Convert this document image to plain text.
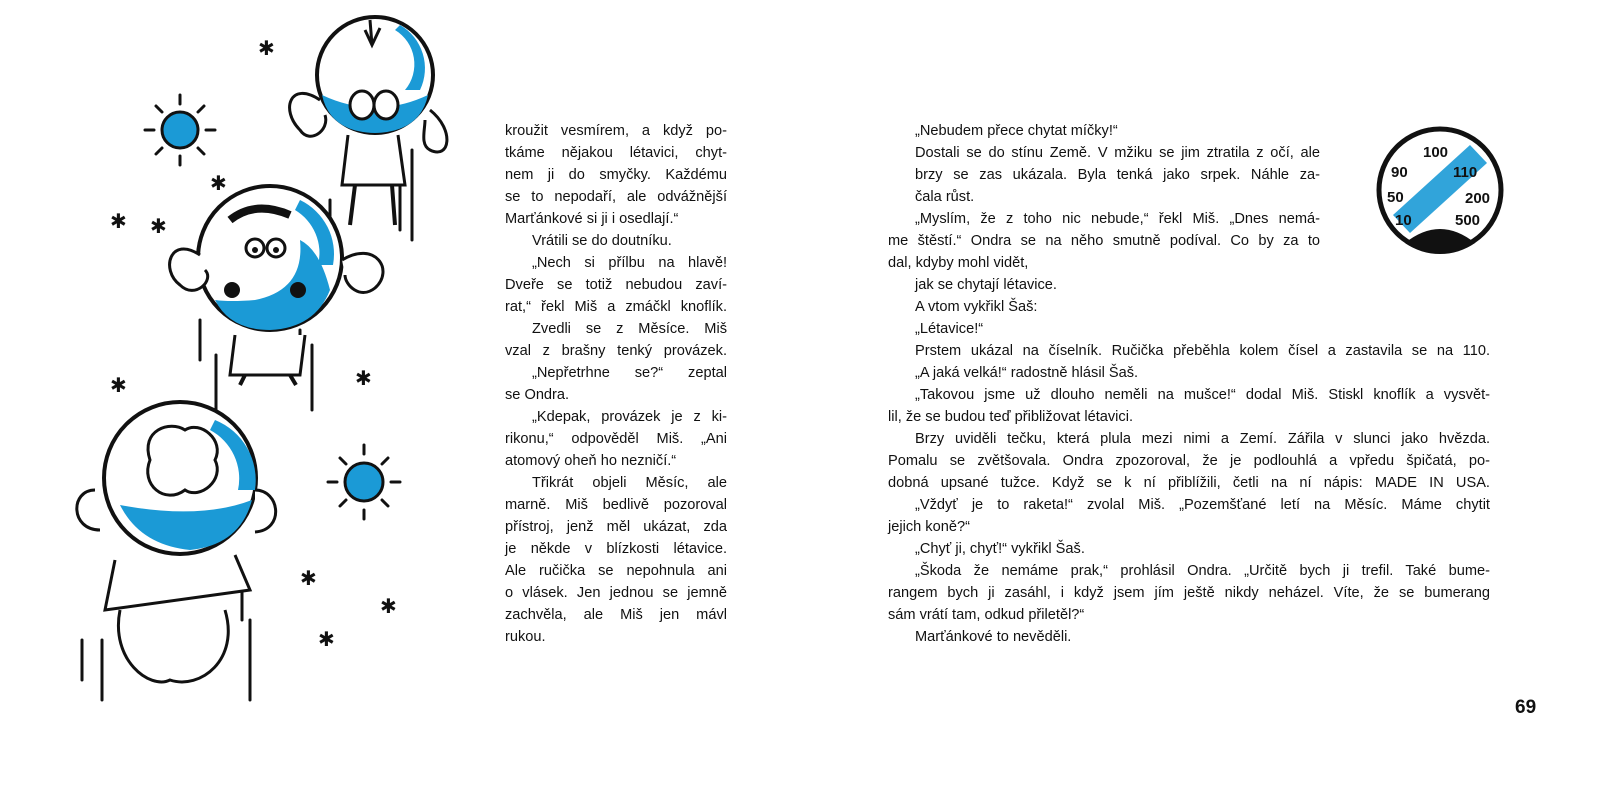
✱
✱
✱ ✱
✱	✱
✱
✱
✱

kroužit vesmírem, a když po-

tkáme nějakou létavici, chyt-

nem ji do smyčky. Každému

se to nepodaří, ale odvážnější

Marťánkové si ji i osedlají.“

Vrátili se do doutníku.

„Nech si přílbu na hlavě!

Dveře se totiž nebudou zaví-

rat,“ řekl Miš a zmáčkl knoflík.

Zvedli se z Měsíce. Miš

vzal z brašny tenký provázek.

„Nepřetrhne se?“ zeptal

se Ondra.

„Kdepak, provázek je z ki-

rikonu,“ odpověděl Miš. „Ani

atomový oheň ho nezničí.“

Třikrát objeli Měsíc, ale

marně. Miš bedlivě pozoroval

přístroj, jenž měl ukázat, zda

je někde v blízkosti létavice.

Ale ručička se nepohnula ani

o vlásek. Jen jednou se jemně

zachvěla, ale Miš jen mávl

rukou.

„Nebudem přece chytat míčky!“

Dostali se do stínu Země. V mžiku se jim ztratila z očí, ale

brzy se zas ukázala. Byla tenká jako srpek. Náhle za-

čala růst.

„Myslím, že z toho nic nebude,“ řekl Miš. „Dnes nemá-

me štěstí.“ Ondra se na něho smutně podíval. Co by za to

dal, kdyby mohl vidět,

jak se chytají létavice.

A vtom vykřikl Šaš:

„Létavice!“

Prstem ukázal na číselník. Ručička přeběhla kolem čísel a zastavila se na 110.

„A jaká velká!“ radostně hlásil Šaš.

„Takovou jsme už dlouho neměli na mušce!“ dodal Miš. Stiskl knoflík a vysvět-

lil, že se budou teď přibližovat létavici.

Brzy uviděli tečku, která plula mezi nimi a Zemí. Zářila v slunci jako hvězda.

Pomalu se zvětšovala. Ondra zpozoroval, že je podlouhlá a vpředu špičatá, po-

dobná upsané tužce. Když se k ní přiblížili, četli na ní nápis: MADE IN USA.

„Vždyť je to raketa!“ zvolal Miš. „Pozemšťané letí na Měsíc. Máme chytit

jejich koně?“

„Chyť ji, chyť!“ vykřikl Šaš.

„Škoda že nemáme prak,“ prohlásil Ondra. „Určitě bych ji trefil. Také bume-

rangem bych ji zasáhl, i když jsem jím ještě nikdy neházel. Víte, že se bumerang

sám vrátí tam, odkud přiletěl?“

Marťánkové to nevěděli.

100
90	110
50	200
10	500
69
